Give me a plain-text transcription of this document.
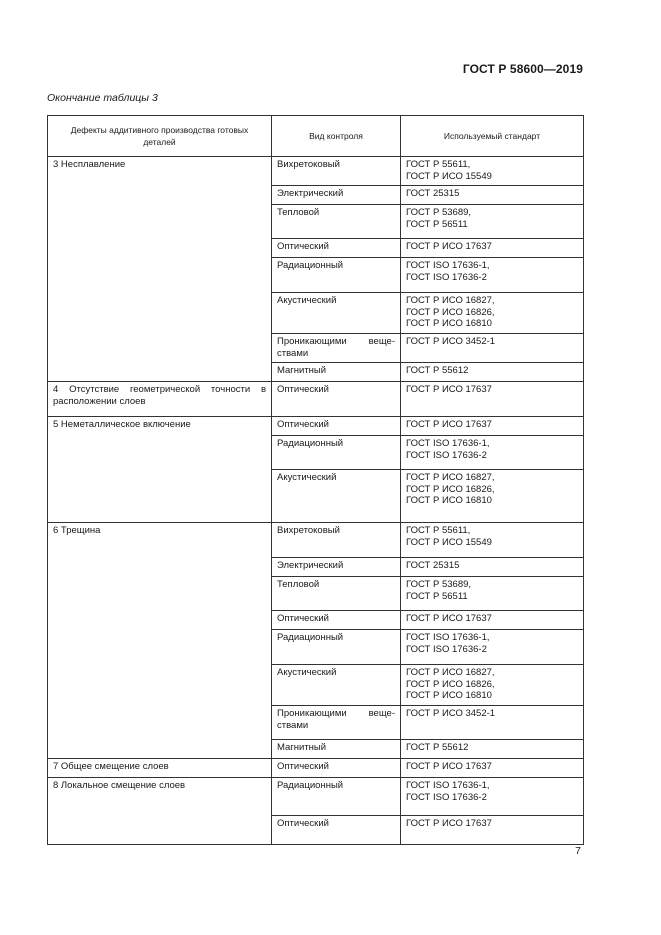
ГОСТ Р 58600—2019
Окончание таблицы 3
Дефекты аддитивного производства готовых деталей	Вид контроля	Используемый стандарт
3 Несплавление	Вихретоковый	ГОСТ Р 55611,
ГОСТ Р ИСО 15549

	Электрический	ГОСТ 25315

	Тепловой	ГОСТ Р 53689,
ГОСТ Р 56511

	Оптический	ГОСТ Р ИСО 17637

	Радиационный	ГОСТ ISO 17636-1,
ГОСТ ISO 17636-2

	Акустический	ГОСТ Р ИСО 16827,
ГОСТ Р ИСО 16826,
ГОСТ Р ИСО 16810

	Проникающими веще-
ствами	ГОСТ Р ИСО 3452-1

	Магнитный	ГОСТ Р 55612

4 Отсутствие геометрической точности в расположении слоев	Оптический	ГОСТ Р ИСО 17637

5 Неметаллическое включение	Оптический	ГОСТ Р ИСО 17637

	Радиационный	ГОСТ ISO 17636-1,
ГОСТ ISO 17636-2

	Акустический	ГОСТ Р ИСО 16827,
ГОСТ Р ИСО 16826,
ГОСТ Р ИСО 16810

6 Трещина	Вихретоковый	ГОСТ Р 55611,
ГОСТ Р ИСО 15549

	Электрический	ГОСТ 25315

	Тепловой	ГОСТ Р 53689,
ГОСТ Р 56511

	Оптический	ГОСТ Р ИСО 17637

	Радиационный	ГОСТ ISO 17636-1,
ГОСТ ISO 17636-2

	Акустический	ГОСТ Р ИСО 16827,
ГОСТ Р ИСО 16826,
ГОСТ Р ИСО 16810

	Проникающими веще-
ствами	ГОСТ Р ИСО 3452-1

	Магнитный	ГОСТ Р 55612

7 Общее смещение слоев	Оптический	ГОСТ Р ИСО 17637

8 Локальное смещение слоев	Радиационный	ГОСТ ISO 17636-1,
ГОСТ ISO 17636-2

	Оптический	ГОСТ Р ИСО 17637
7
